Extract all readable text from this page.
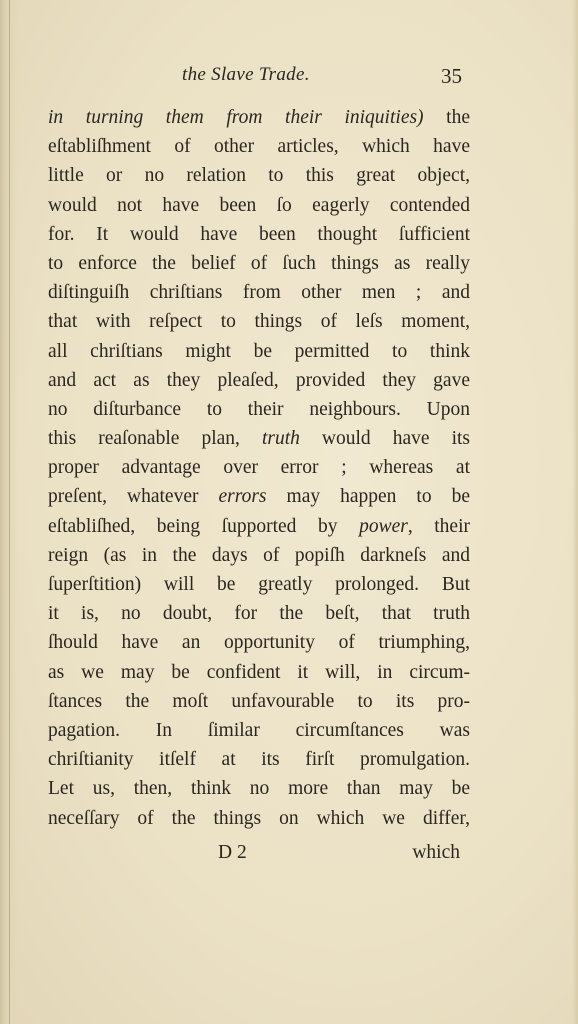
the Slave Trade.	35
in turning them from their iniquities) the
eſtabliſhment of other articles, which have
little or no relation to this great object,
would not have been ſo eagerly contended
for. It would have been thought ſufficient
to enforce the belief of ſuch things as really
diſtinguiſh chriſtians from other men ; and
that with reſpect to things of leſs moment,
all chriſtians might be permitted to think
and act as they pleaſed, provided they gave
no diſturbance to their neighbours. Upon
this reaſonable plan, truth would have its
proper advantage over error ; whereas at
preſent, whatever errors may happen to be
eſtabliſhed, being ſupported by power, their
reign (as in the days of popiſh darkneſs and
ſuperſtition) will be greatly prolonged. But
it is, no doubt, for the beſt, that truth
ſhould have an opportunity of triumphing,
as we may be confident it will, in circum-
ſtances the moſt unfavourable to its pro-
pagation. In ſimilar circumſtances was
chriſtianity itſelf at its firſt promulgation.
Let us, then, think no more than may be
neceſſary of the things on which we differ,
D 2	which
